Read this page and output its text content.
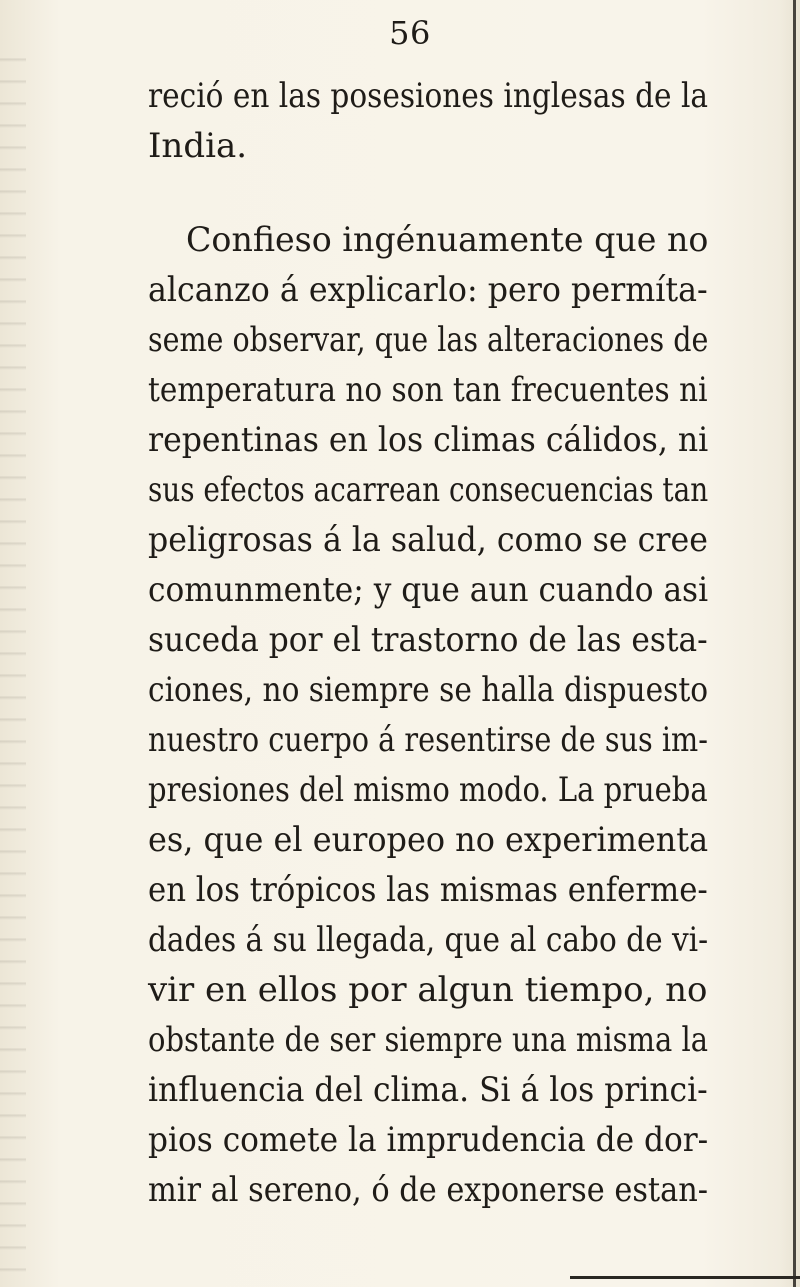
56
reció en las posesiones inglesas de la
India.
Confieso ingénuamente que no
alcanzo á explicarlo: pero permíta-
seme observar, que las alteraciones de
temperatura no son tan frecuentes ni
repentinas en los climas cálidos, ni
sus efectos acarrean consecuencias tan
peligrosas á la salud, como se cree
comunmente; y que aun cuando asi
suceda por el trastorno de las esta-
ciones, no siempre se halla dispuesto
nuestro cuerpo á resentirse de sus im-
presiones del mismo modo. La prueba
es, que el europeo no experimenta
en los trópicos las mismas enferme-
dades á su llegada, que al cabo de vi-
vir en ellos por algun tiempo, no
obstante de ser siempre una misma la
influencia del clima. Si á los princi-
pios comete la imprudencia de dor-
mir al sereno, ó de exponerse estan-
